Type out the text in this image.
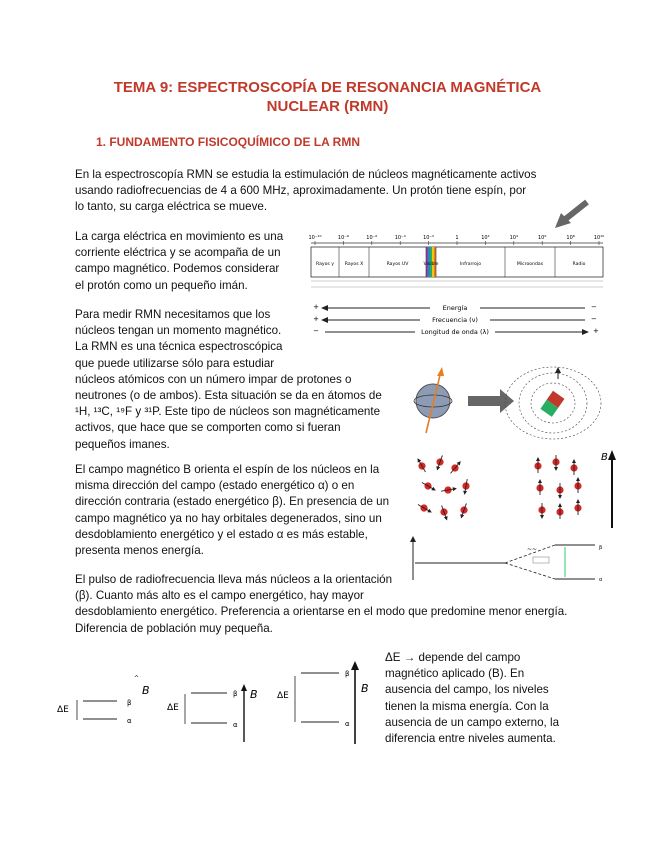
TEMA 9: ESPECTROSCOPÍA DE RESONANCIA MAGNÉTICA
NUCLEAR (RMN)
1. FUNDAMENTO FISICOQUÍMICO DE LA RMN

En la espectroscopía RMN se estudia la estimulación de núcleos magnéticamente activos

usando radiofrecuencias de 4 a 600 MHz, aproximadamente. Un protón tiene espín, por

lo tanto, su carga eléctrica se mueve.

La carga eléctrica en movimiento es una

corriente eléctrica y se acompaña de un

campo magnético. Podemos considerar

el protón como un pequeño imán.

Para medir RMN necesitamos que los

núcleos tengan un momento magnético.

La RMN es una técnica espectroscópica

que puede utilizarse sólo para estudiar

núcleos atómicos con un número impar de protones o

neutrones (o de ambos). Esta situación se da en átomos de

¹H, ¹³C, ¹⁹F y ³¹P. Este tipo de núcleos son magnéticamente

activos, que hace que se comporten como si fueran

pequeños imanes.

El campo magnético B orienta el espín de los núcleos en la

misma dirección del campo (estado energético α) o en

dirección contraria (estado energético β). En presencia de un

campo magnético ya no hay orbitales degenerados, sino un

desdoblamiento energético y el estado α es más estable,

presenta menos energía.

El pulso de radiofrecuencia lleva más núcleos a la orientación

(β). Cuanto más alto es el campo energético, hay mayor

desdoblamiento energético. Preferencia a orientarse en el modo que predomine menor energía.

Diferencia de población muy pequeña.

ΔE → depende del campo

magnético aplicado (B). En

ausencia del campo, los niveles

tienen la misma energía. Con la

ausencia de un campo externo, la

diferencia entre niveles aumenta.

10⁻¹⁰	10⁻⁸	10⁻⁶	10⁻⁴	10⁻²	1	10²	10⁴	10⁶	10⁸	10¹⁰
Rayos γ Rayos X	Rayos UV	Visible	Infrarrojo	Microondas	Radio
+	−
Energía
+	−
Frecuencia (ν)
−	+
Longitud de onda (λ)
B
~~	β
α
ΔE
β
α
B
^
ΔE
β
α
B ΔE
β
α
B
